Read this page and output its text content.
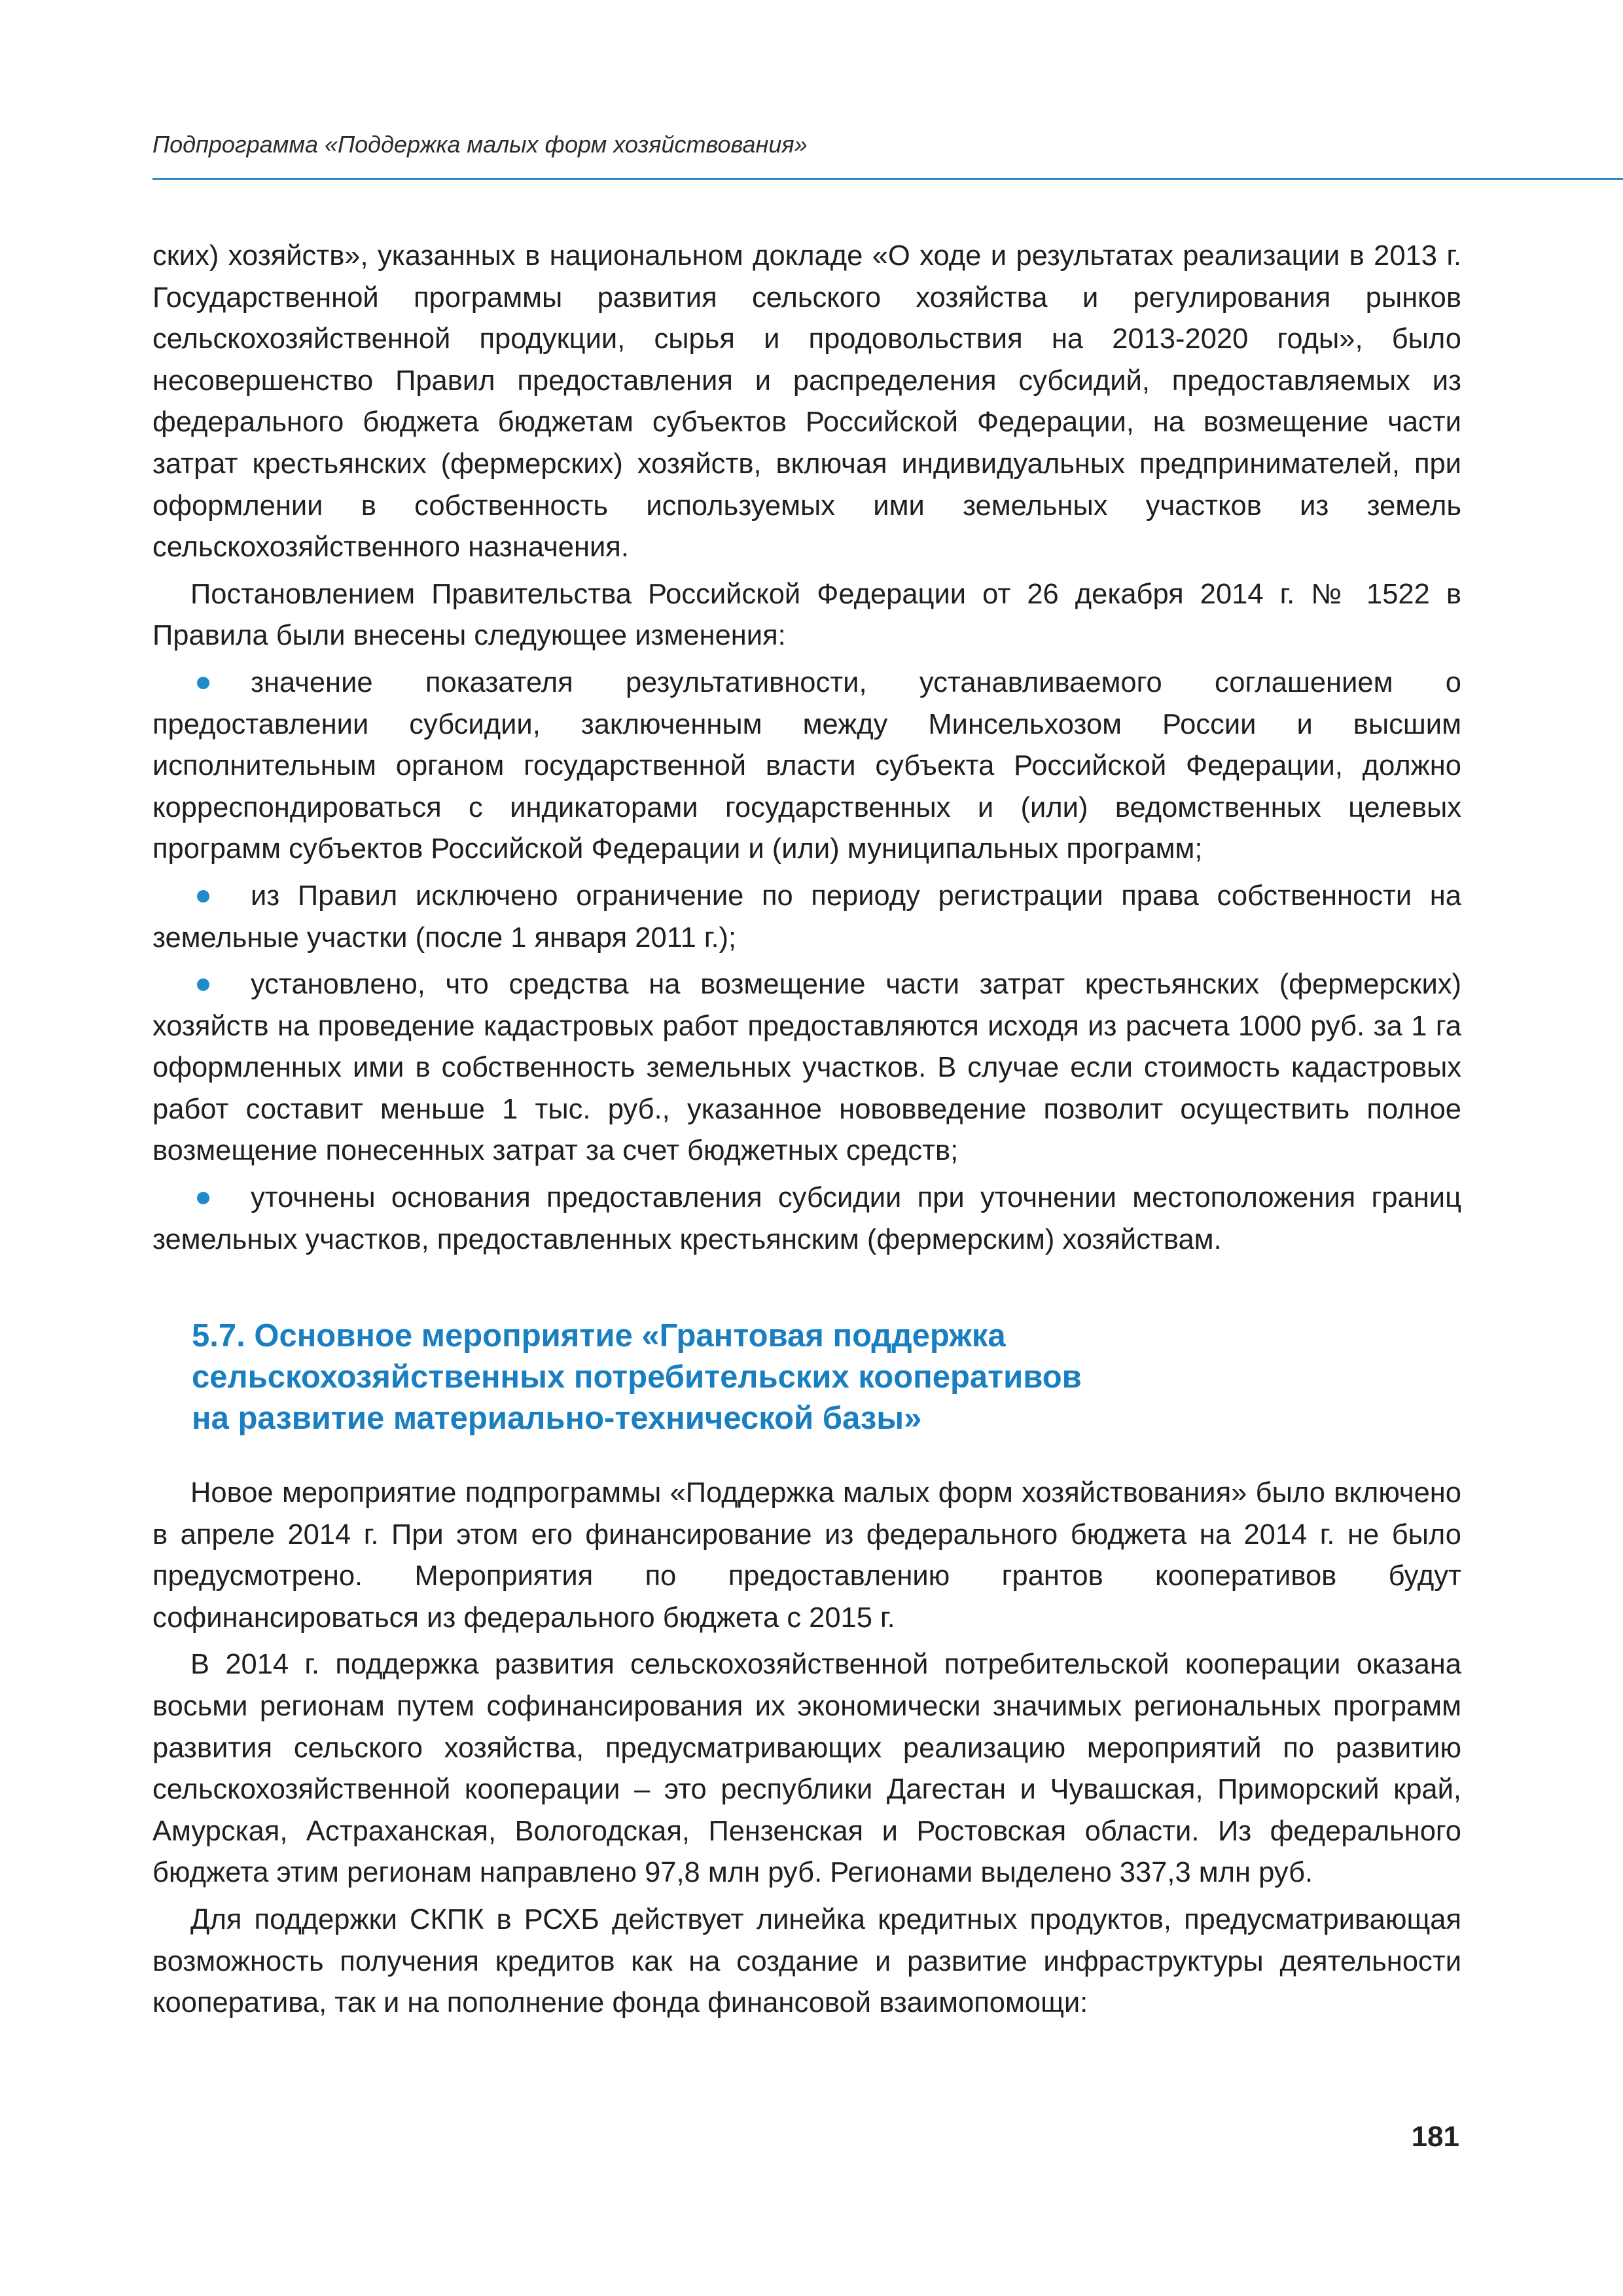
Подпрограмма «Поддержка малых форм хозяйствования»

ских) хозяйств», указанных в национальном докладе «О ходе и результатах реализации в 2013 г. Государственной программы развития сельского хозяйства и регулирования рынков сельскохозяйственной продукции, сырья и продовольствия на 2013-2020 годы», было несовершенство Правил предоставления и распределения субсидий, предоставляемых из федерального бюджета бюджетам субъектов Российской Федерации, на возмещение части затрат крестьянских (фермерских) хозяйств, включая индивидуальных предпринимателей, при оформлении в собственность используемых ими земельных участков из земель сельскохозяйственного назначения.

Постановлением Правительства Российской Федерации от 26 декабря 2014 г. № 1522 в Правила были внесены следующее изменения:

значение показателя результативности, устанавливаемого соглашением о предоставлении субсидии, заключенным между Минсельхозом России и высшим исполнительным органом государственной власти субъекта Российской Федерации, должно корреспондироваться с индикаторами государственных и (или) ведомственных целевых программ субъектов Российской Федерации и (или) муниципальных программ;
из Правил исключено ограничение по периоду регистрации права собственности на земельные участки (после 1 января 2011 г.);
установлено, что средства на возмещение части затрат крестьянских (фермерских) хозяйств на проведение кадастровых работ предоставляются исходя из расчета 1000 руб. за 1 га оформленных ими в собственность земельных участков. В случае если стоимость кадастровых работ составит меньше 1 тыс. руб., указанное нововведение позволит осуществить полное возмещение понесенных затрат за счет бюджетных средств;
уточнены основания предоставления субсидии при уточнении местоположения границ земельных участков, предоставленных крестьянским (фермерским) хозяйствам.
5.7. Основное мероприятие «Грантовая поддержка
сельскохозяйственных потребительских кооперативов
на развитие материально-технической базы»

Новое мероприятие подпрограммы «Поддержка малых форм хозяйствования» было включено в апреле 2014 г. При этом его финансирование из федерального бюджета на 2014 г. не было предусмотрено. Мероприятия по предоставлению грантов кооперативов будут софинансироваться из федерального бюджета с 2015 г.

В 2014 г. поддержка развития сельскохозяйственной потребительской кооперации оказана восьми регионам путем софинансирования их экономически значимых региональных программ развития сельского хозяйства, предусматривающих реализацию мероприятий по развитию сельскохозяйственной кооперации – это республики Дагестан и Чувашская, Приморский край, Амурская, Астраханская, Вологодская, Пензенская и Ростовская области. Из федерального бюджета этим регионам направлено 97,8 млн руб. Регионами выделено 337,3 млн руб.

Для поддержки СКПК в РСХБ действует линейка кредитных продуктов, предусматривающая возможность получения кредитов как на создание и развитие инфраструктуры деятельности кооператива, так и на пополнение фонда финансовой взаимопомощи:

181
